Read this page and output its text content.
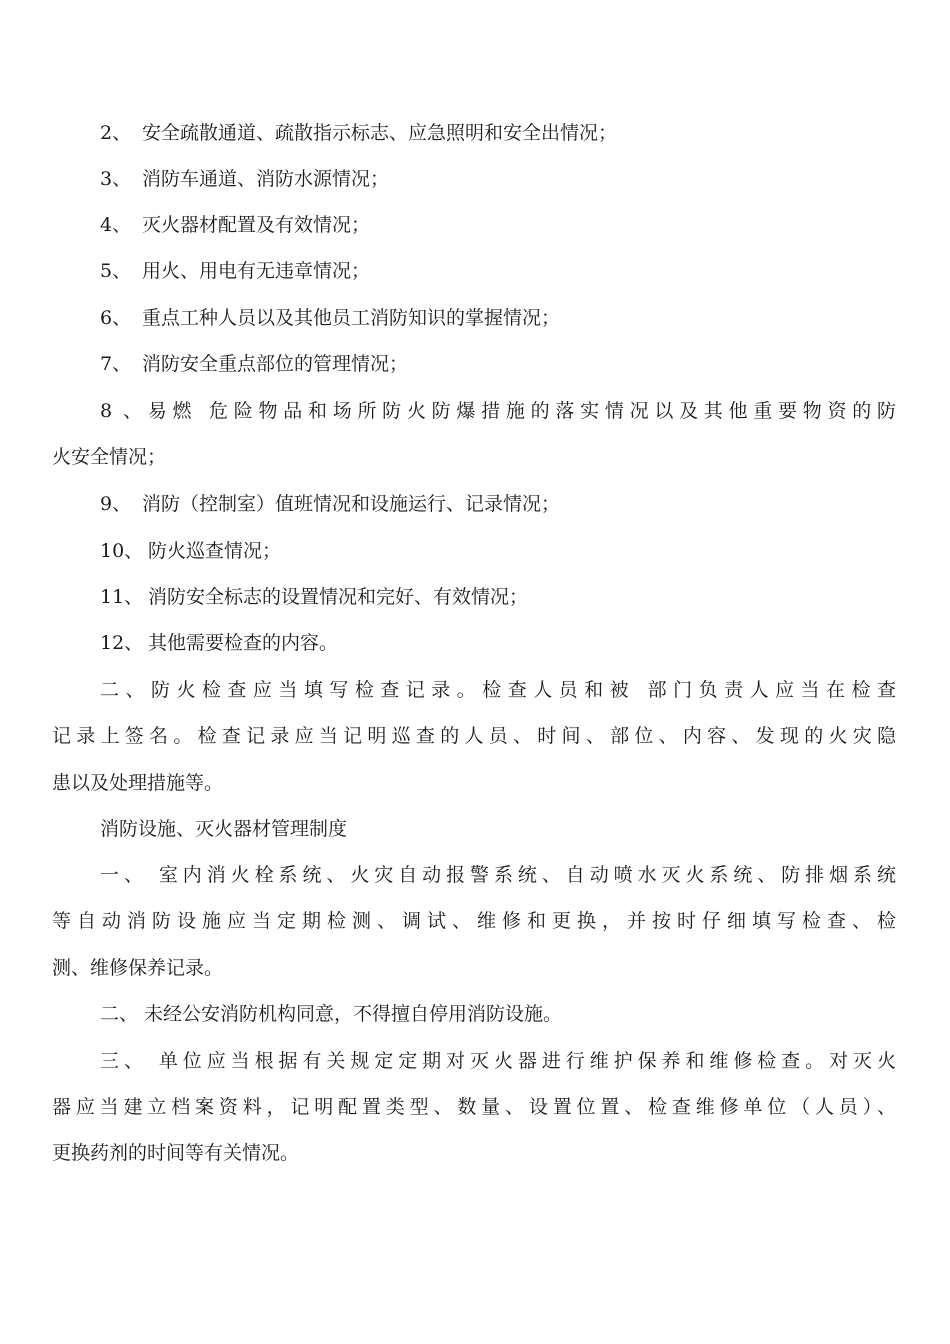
2、 安全疏散通道、疏散指示标志、应急照明和安全出情况；
3、 消防车通道、消防水源情况；
4、 灭火器材配置及有效情况；
5、 用火、用电有无违章情况；
6、 重点工种人员以及其他员工消防知识的掌握情况；
7、 消防安全重点部位的管理情况；
8、易燃 危险物品和场所防火防爆措施的落实情况以及其他重要物资的防
火安全情况；
9、 消防（控制室）值班情况和设施运行、记录情况；
10、 防火巡查情况；
11、 消防安全标志的设置情况和完好、有效情况；
12、 其他需要检查的内容。
二、防火检查应当填写检查记录。检查人员和被 部门负责人应当在检查
记录上签名。检查记录应当记明巡查的人员、时间、部位、内容、发现的火灾隐
患以及处理措施等。
消防设施、灭火器材管理制度
一、 室内消火栓系统、火灾自动报警系统、自动喷水灭火系统、防排烟系统
等自动消防设施应当定期检测、调试、维修和更换，并按时仔细填写检查、检
测、维修保养记录。
二、 未经公安消防机构同意，不得擅自停用消防设施。
三、 单位应当根据有关规定定期对灭火器进行维护保养和维修检查。对灭火
器应当建立档案资料，记明配置类型、数量、设置位置、检查维修单位（人员）、
更换药剂的时间等有关情况。
